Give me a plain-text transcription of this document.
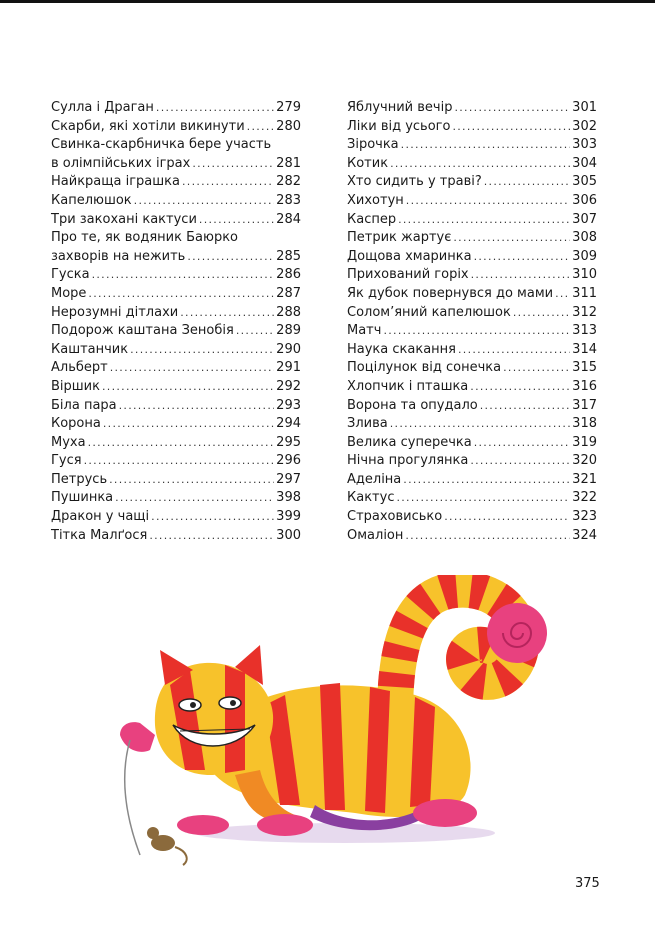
Сулла і Драган .....	279
Скарби, які хотіли викинути ..... 280
Свинка-скарбничка бере участь
в олімпійських іграх .....	281
Найкраща іграшка .....	282
Капелюшок .....	283
Три закохані кактуси .....	284
Про те, як водяник Баюрко
захворів на нежить .....	285
Гуска .....	286
Море .....	287
Нерозумні дітлахи .....	288
Подорож каштана Зенобія .....	289
Каштанчик .....	290
Альберт .....	291
Віршик .....	292
Біла пара .....	293
Корона .....	294
Муха .....	295
Гуся .....	296
Петрусь .....	297
Пушинка .....	398
Дракон у чащі .....	399
Тітка Малґося .....	300
Яблучний вечір .....	301
Ліки від усього .....	302
Зірочка .....	303
Котик .....	304
Хто сидить у траві? .....	305
Хихотун .....	306
Каспер .....	307
Петрик жартує .....	308
Дощова хмаринка .....	309
Прихований горіх .....	310
Як дубок повернувся до мами ..... 311
Солом’яний капелюшок .....	312
Матч .....	313
Наука скакання .....	314
Поцілунок від сонечка .....	315
Хлопчик і пташка .....	316
Ворона та опудало .....	317
Злива .....	318
Велика суперечка .....	319
Нічна прогулянка .....	320
Аделіна .....	321
Кактус .....	322
Страховисько .....	323
Омаліон .....	324
375
